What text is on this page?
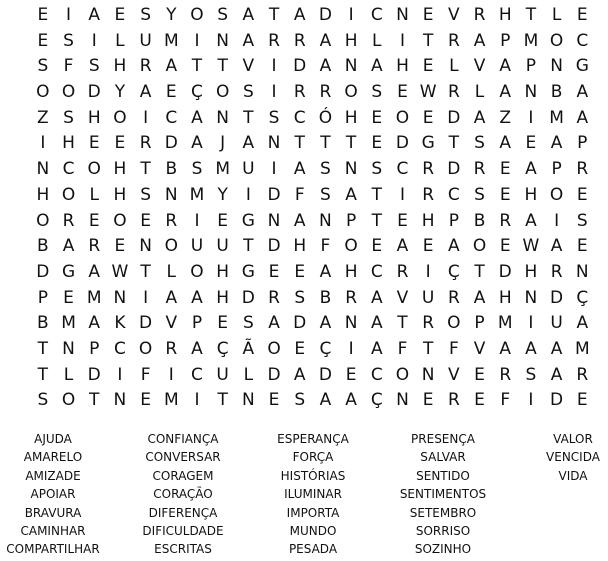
E	I	A E S Y O S A T A D I	C N E V R H T L E
E S	I	L U M I N A R R A H L	I	T R A P M O C
S F S H R A T T V	I D A N A H E L V A P N G
O O D Y A E Ç O S	I	R R O S E W R L A N B A
Z S H O I	C A N T S C Ó H E O E D A Z	I M A
I H E E R D A	J	A N T T T E D G T S A E A P
N C O H T B S M U I	A S N S C R D R E A P R
H O L H S N M Y	I D F S A T	I	R C S E H O E
O R E O E R	I	E G N A N P T E H P B R A	I	S
B A R E N O U U T D H F O E A E A O E W A E
D G A W T L O H G E E A H C R	I	Ç T D H R N
P E M N I	A A H D R S B R A V U R A H N D Ç
B M A K D V P E S A D A N A T R O P M I U A
T N P C O R A Ç Ã O E Ç	I	A F T F V A A A M
T L D I	F	I	C U L D A D E C O N V E R S A R
S O T N E M I	T N E S A A Ç N E R E F	I D E
AJUDA
AMARELO
AMIZADE
APOIAR
BRAVURA
CAMINHAR
COMPARTILHAR
CONFIANÇA
CONVERSAR
CORAGEM
CORAÇÃO
DIFERENÇA
DIFICULDADE
ESCRITAS
ESPERANÇA
FORÇA
HISTÓRIAS
ILUMINAR
IMPORTA
MUNDO
PESADA
PRESENÇA
SALVAR
SENTIDO
SENTIMENTOS
SETEMBRO
SORRISO
SOZINHO
VALOR
VENCIDA
VIDA
